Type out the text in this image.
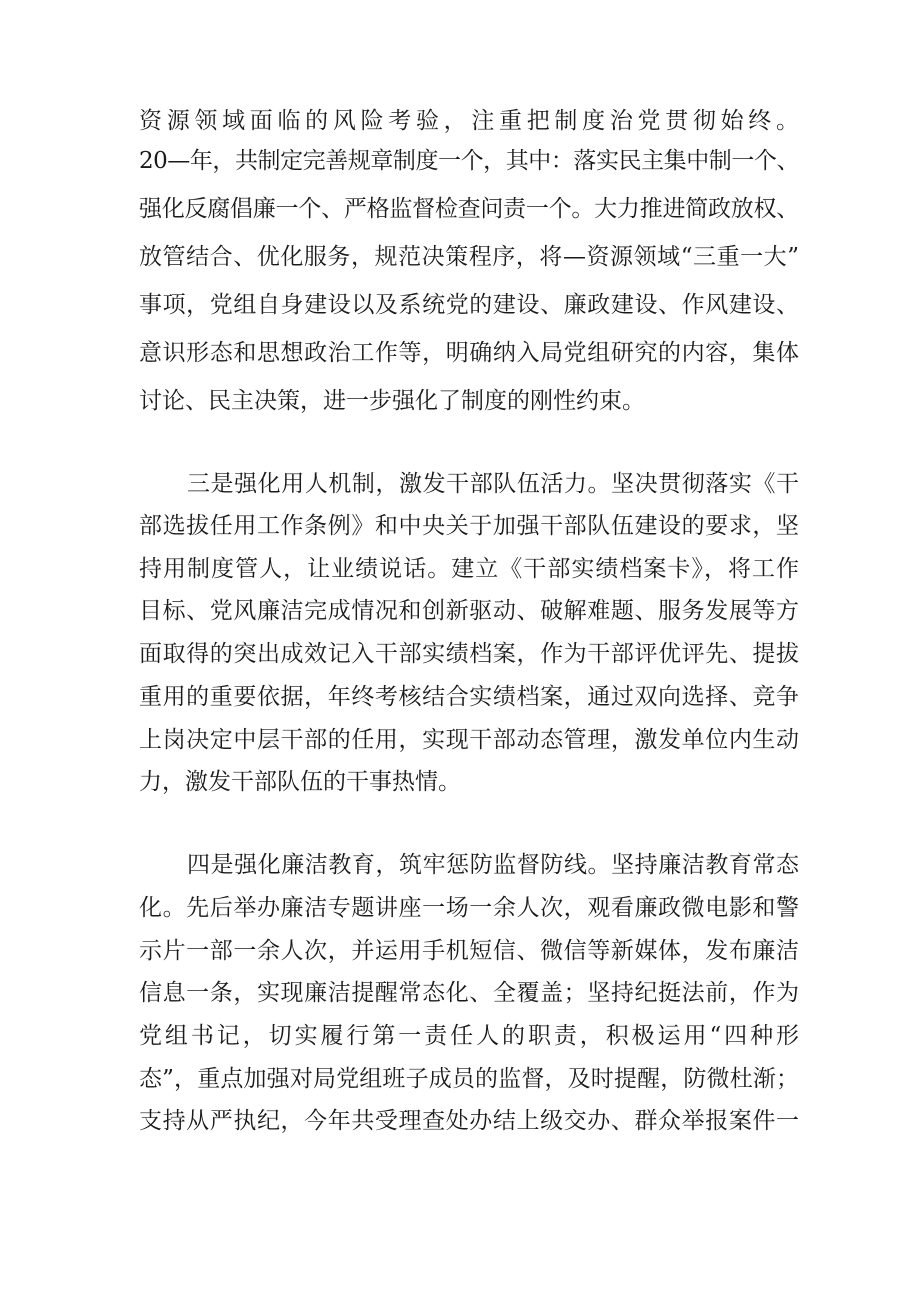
资源领域面临的风险考验，注重把制度治党贯彻始终。
20—年，共制定完善规章制度一个，其中：落实民主集中制一个、
强化反腐倡廉一个、严格监督检查问责一个。大力推进简政放权、
放管结合、优化服务，规范决策程序，将—资源领域“三重一大”
事项，党组自身建设以及系统党的建设、廉政建设、作风建设、
意识形态和思想政治工作等，明确纳入局党组研究的内容，集体
讨论、民主决策，进一步强化了制度的刚性约束。
三是强化用人机制，激发干部队伍活力。坚决贯彻落实《干
部选拔任用工作条例》和中央关于加强干部队伍建设的要求，坚
持用制度管人，让业绩说话。建立《干部实绩档案卡》，将工作
目标、党风廉洁完成情况和创新驱动、破解难题、服务发展等方
面取得的突出成效记入干部实绩档案，作为干部评优评先、提拔
重用的重要依据，年终考核结合实绩档案，通过双向选择、竞争
上岗决定中层干部的任用，实现干部动态管理，激发单位内生动
力，激发干部队伍的干事热情。
四是强化廉洁教育，筑牢惩防监督防线。坚持廉洁教育常态
化。先后举办廉洁专题讲座一场一余人次，观看廉政微电影和警
示片一部一余人次，并运用手机短信、微信等新媒体，发布廉洁
信息一条，实现廉洁提醒常态化、全覆盖；坚持纪挺法前，作为
党组书记，切实履行第一责任人的职责，积极运用“四种形
态”，重点加强对局党组班子成员的监督，及时提醒，防微杜渐；
支持从严执纪，今年共受理查处办结上级交办、群众举报案件一
